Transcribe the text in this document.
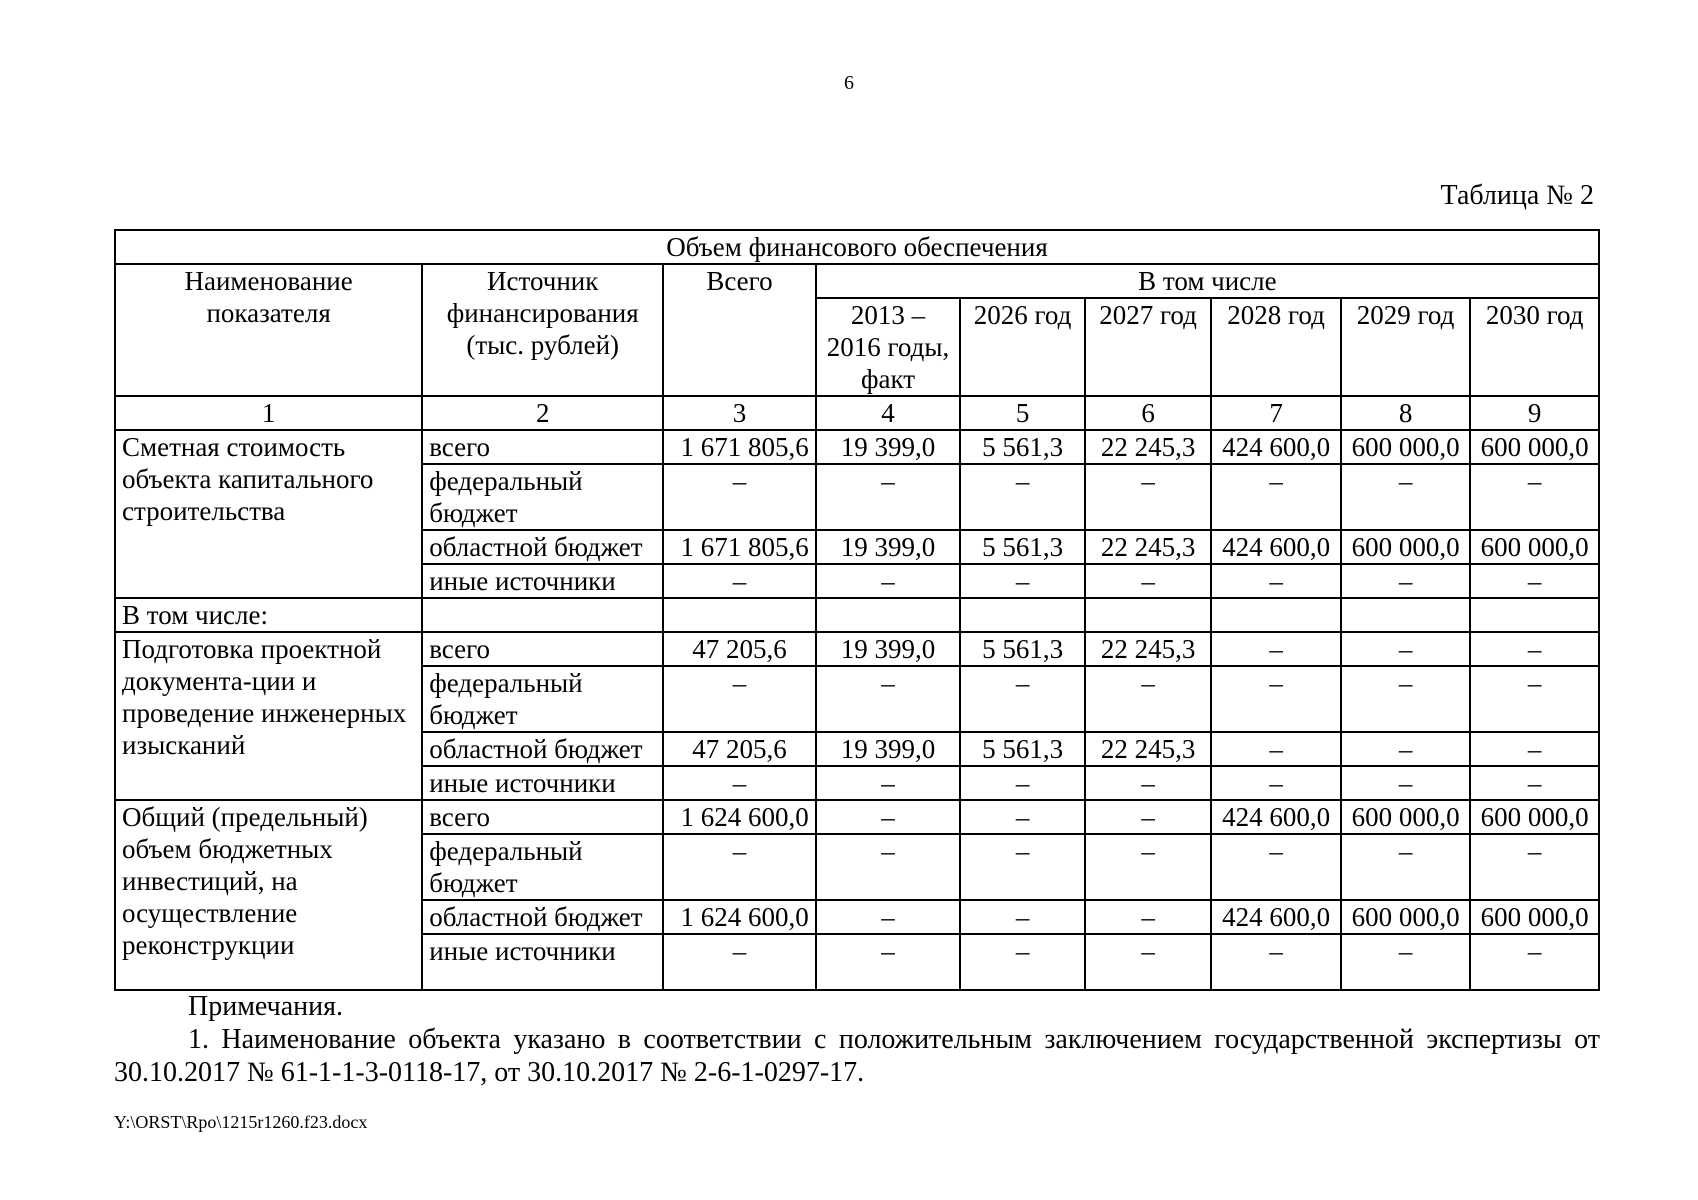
6
Таблица № 2
Объем финансового обеспечения								
Наименование показателя	Источник финансирования (тыс. рублей)	Всего	В том числе					
			2013 – 2016 годы, факт	2026 год	2027 год	2028 год	2029 год	2030 год
1	2	3	4	5	6	7	8	9
Сметная стоимость объекта капитального строительства	всего	1 671 805,6	19 399,0	5 561,3	22 245,3	424 600,0	600 000,0	600 000,0
	федеральный бюджет	–	–	–	–	–	–	–
	областной бюджет	1 671 805,6	19 399,0	5 561,3	22 245,3	424 600,0	600 000,0	600 000,0
	иные источники	–	–	–	–	–	–	–
В том числе:								
Подготовка проектной документа-ции и проведение инженерных изысканий	всего	47 205,6	19 399,0	5 561,3	22 245,3	–	–	–
	федеральный бюджет	–	–	–	–	–	–	–
	областной бюджет	47 205,6	19 399,0	5 561,3	22 245,3	–	–	–
	иные источники	–	–	–	–	–	–	–
Общий (предельный) объем бюджетных инвестиций, на осуществление реконструкции	всего	1 624 600,0	–	–	–	424 600,0	600 000,0	600 000,0
	федеральный бюджет	–	–	–	–	–	–	–
	областной бюджет	1 624 600,0	–	–	–	424 600,0	600 000,0	600 000,0
	иные источники	–	–	–	–	–	–	–
Примечания.
1. Наименование объекта указано в соответствии с положительным заключением государственной экспертизы от 30.10.2017 № 61-1-1-3-0118-17, от 30.10.2017 № 2-6-1-0297-17.
Y:\ORST\Rpo\1215r1260.f23.docx
